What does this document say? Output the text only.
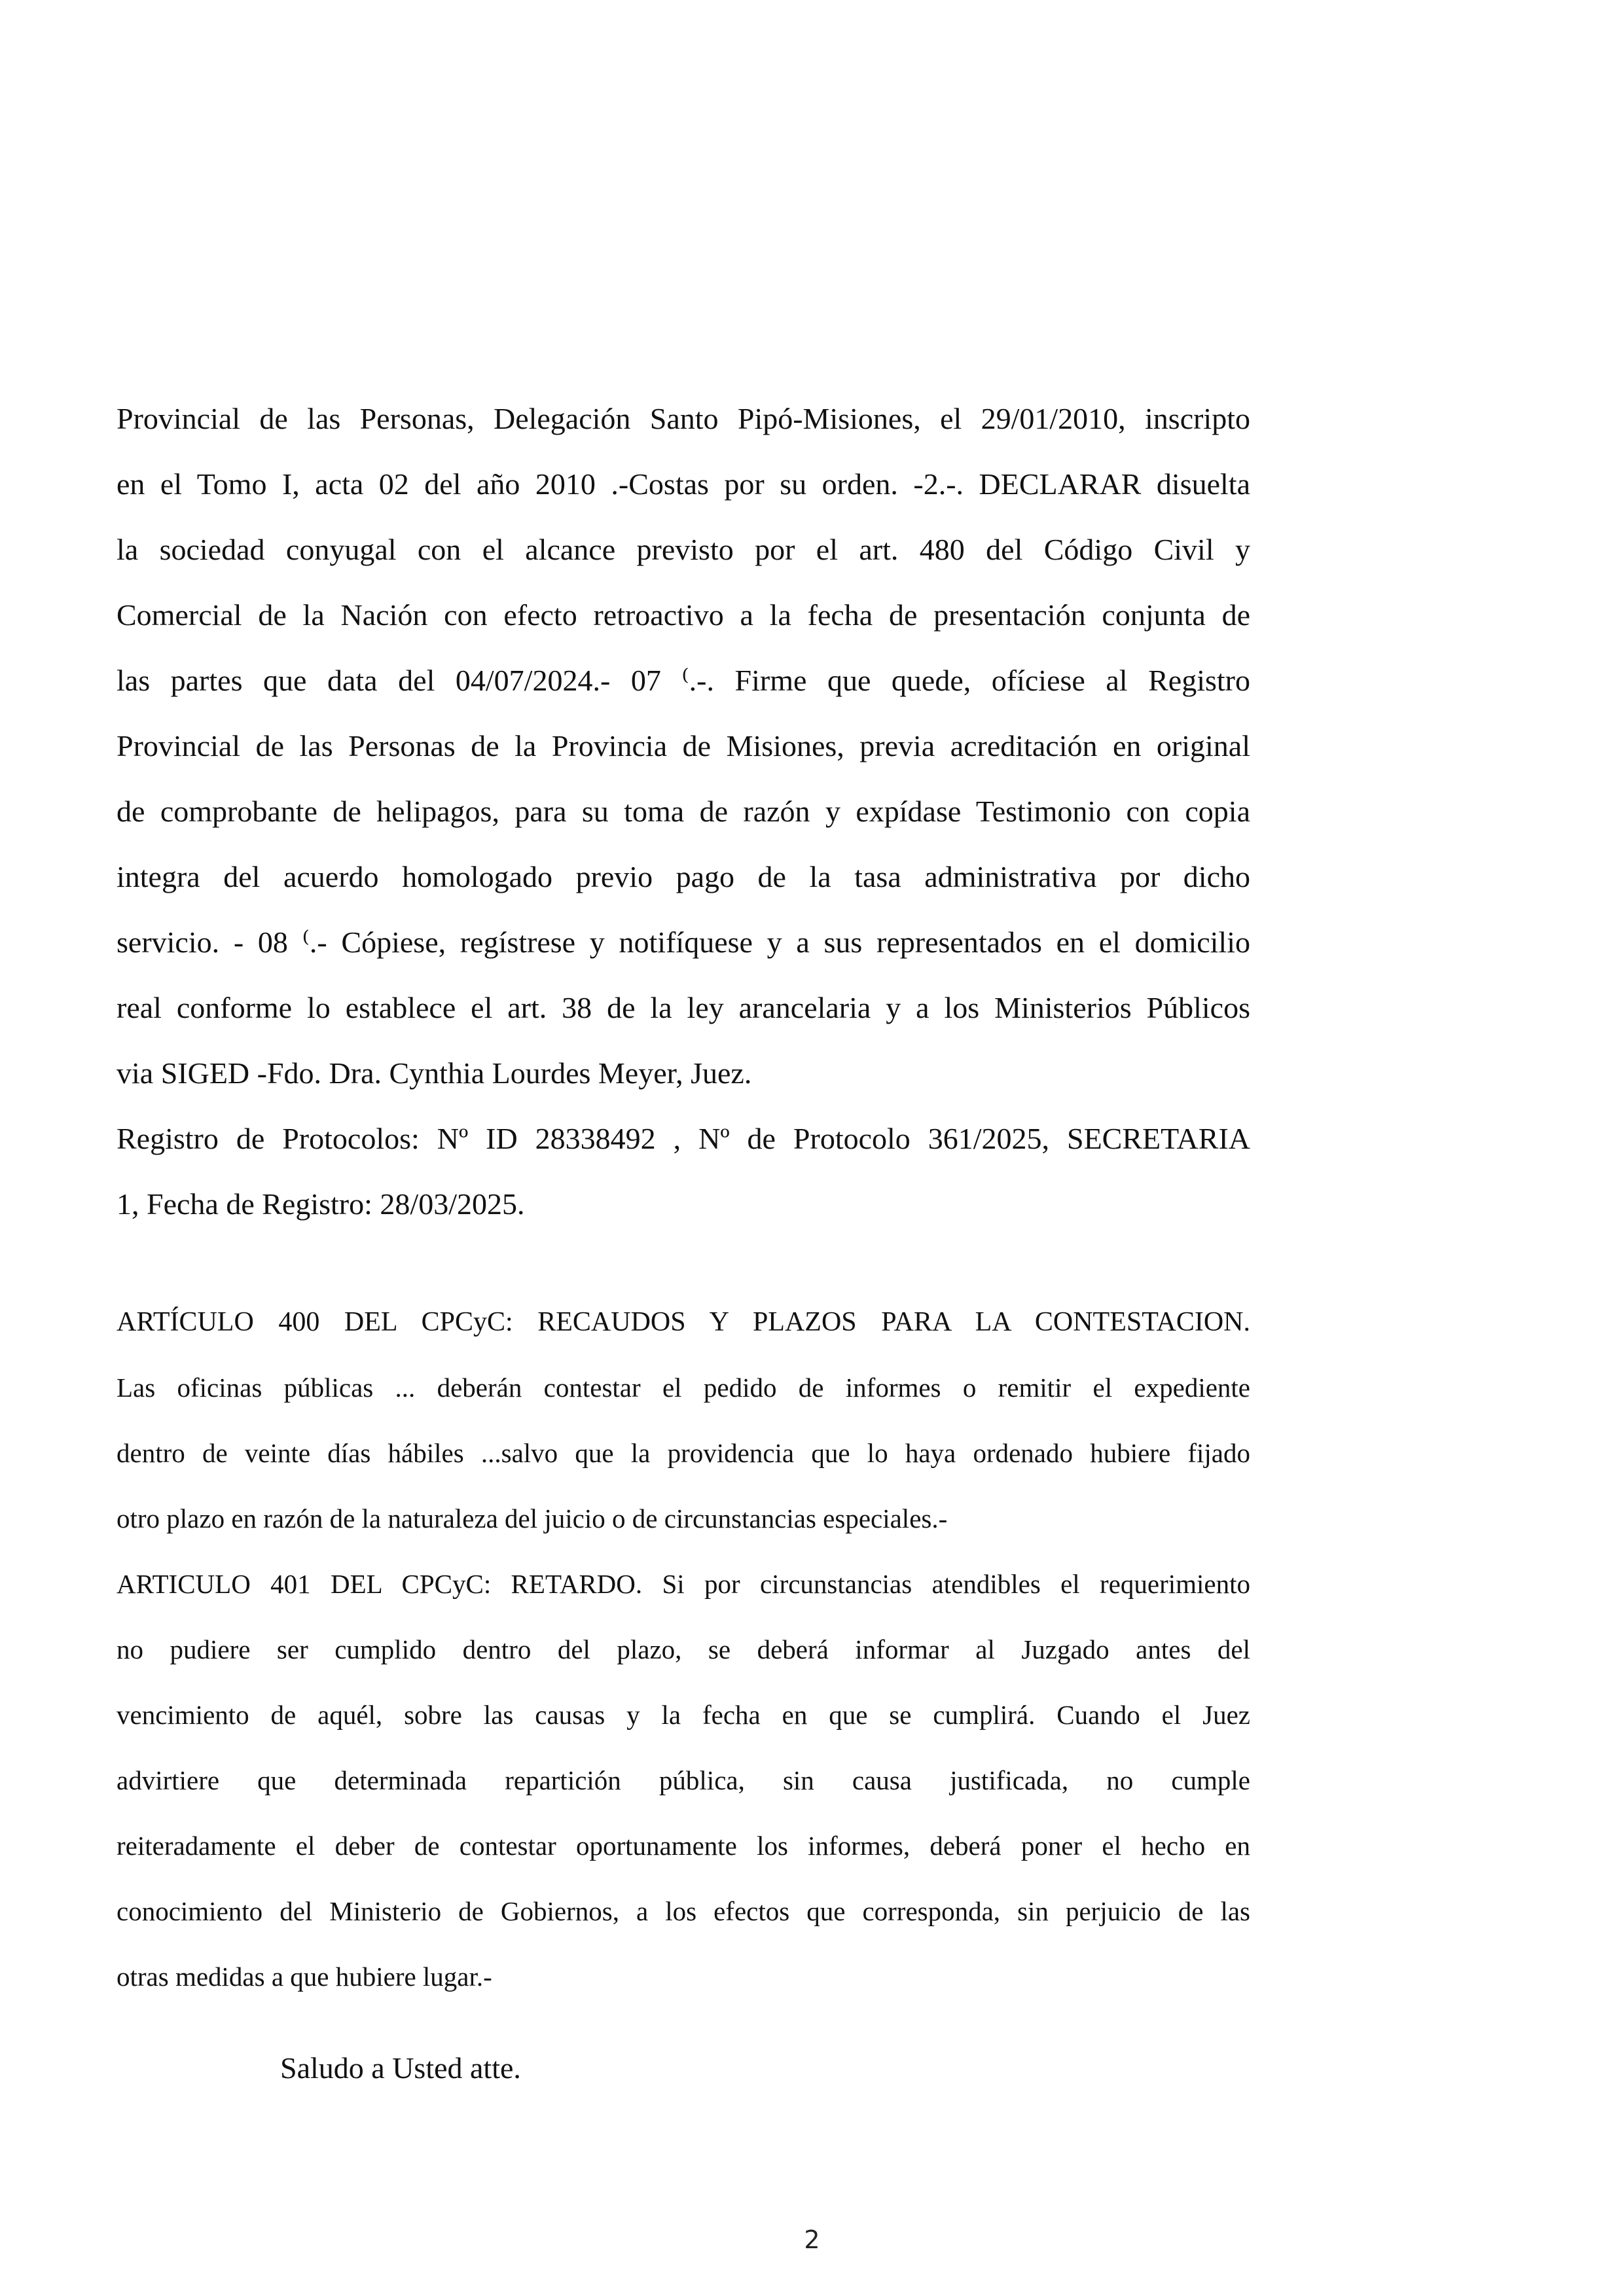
Provincial de las Personas, Delegación Santo Pipó-Misiones, el 29/01/2010, inscripto
en el Tomo I, acta 02 del año 2010 .-Costas por su orden. -2.-. DECLARAR disuelta
la sociedad conyugal con el alcance previsto por el art. 480 del Código Civil y
Comercial de la Nación con efecto retroactivo a la fecha de presentación conjunta de
las partes que data del 04/07/2024.- 07 ⁽.-. Firme que quede, ofíciese al Registro
Provincial de las Personas de la Provincia de Misiones, previa acreditación en original
de comprobante de helipagos, para su toma de razón y expídase Testimonio con copia
integra del acuerdo homologado previo pago de la tasa administrativa por dicho
servicio. - 08 ⁽.- Cópiese, regístrese y notifíquese y a sus representados en el domicilio
real conforme lo establece el art. 38 de la ley arancelaria y a los Ministerios Públicos
via SIGED -Fdo. Dra. Cynthia Lourdes Meyer, Juez.
Registro de Protocolos: Nº ID 28338492 , Nº de Protocolo 361/2025, SECRETARIA
1, Fecha de Registro: 28/03/2025.
ARTÍCULO 400 DEL CPCyC: RECAUDOS Y PLAZOS PARA LA CONTESTACION.
Las oficinas públicas ... deberán contestar el pedido de informes o remitir el expediente
dentro de veinte días hábiles ...salvo que la providencia que lo haya ordenado hubiere fijado
otro plazo en razón de la naturaleza del juicio o de circunstancias especiales.-
ARTICULO 401 DEL CPCyC: RETARDO. Si por circunstancias atendibles el requerimiento
no pudiere ser cumplido dentro del plazo, se deberá informar al Juzgado antes del
vencimiento de aquél, sobre las causas y la fecha en que se cumplirá. Cuando el Juez
advirtiere que determinada repartición pública, sin causa justificada, no cumple
reiteradamente el deber de contestar oportunamente los informes, deberá poner el hecho en
conocimiento del Ministerio de Gobiernos, a los efectos que corresponda, sin perjuicio de las
otras medidas a que hubiere lugar.-
Saludo a Usted atte.
2
